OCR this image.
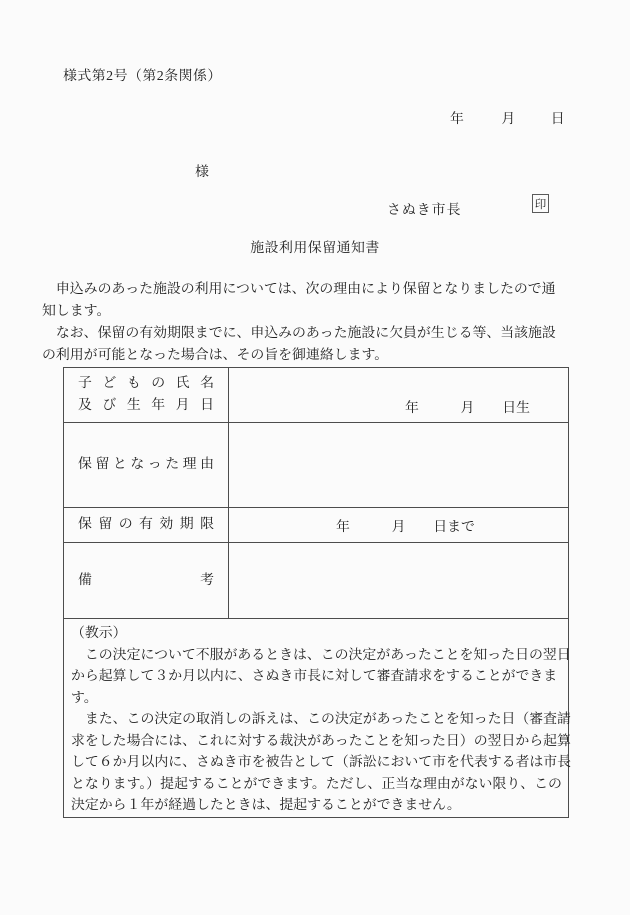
様式第2号（第2条関係）
年	月	日
様
さぬき市長	印
施設利用保留通知書
　申込みのあった施設の利用については、次の理由により保留となりましたので通
知します。
　なお、保留の有効期限までに、申込みのあった施設に欠員が生じる等、当該施設
の利用が可能となった場合は、その旨を御連絡します。
子 ど も の 氏 名
及 び 生 年 月 日	年　　　月　　日生

保 留 と な っ た 理 由	

保 留 の 有 効 期 限	年　　　月　　日まで

備 考	

（教示）
　この決定について不服があるときは、この決定があったことを知った日の翌日
から起算して３か月以内に、さぬき市長に対して審査請求をすることができま
す。
　また、この決定の取消しの訴えは、この決定があったことを知った日（審査請
求をした場合には、これに対する裁決があったことを知った日）の翌日から起算
して６か月以内に、さぬき市を被告として（訴訟において市を代表する者は市長
となります。）提起することができます。ただし、正当な理由がない限り、この
決定から１年が経過したときは、提起することができません。
